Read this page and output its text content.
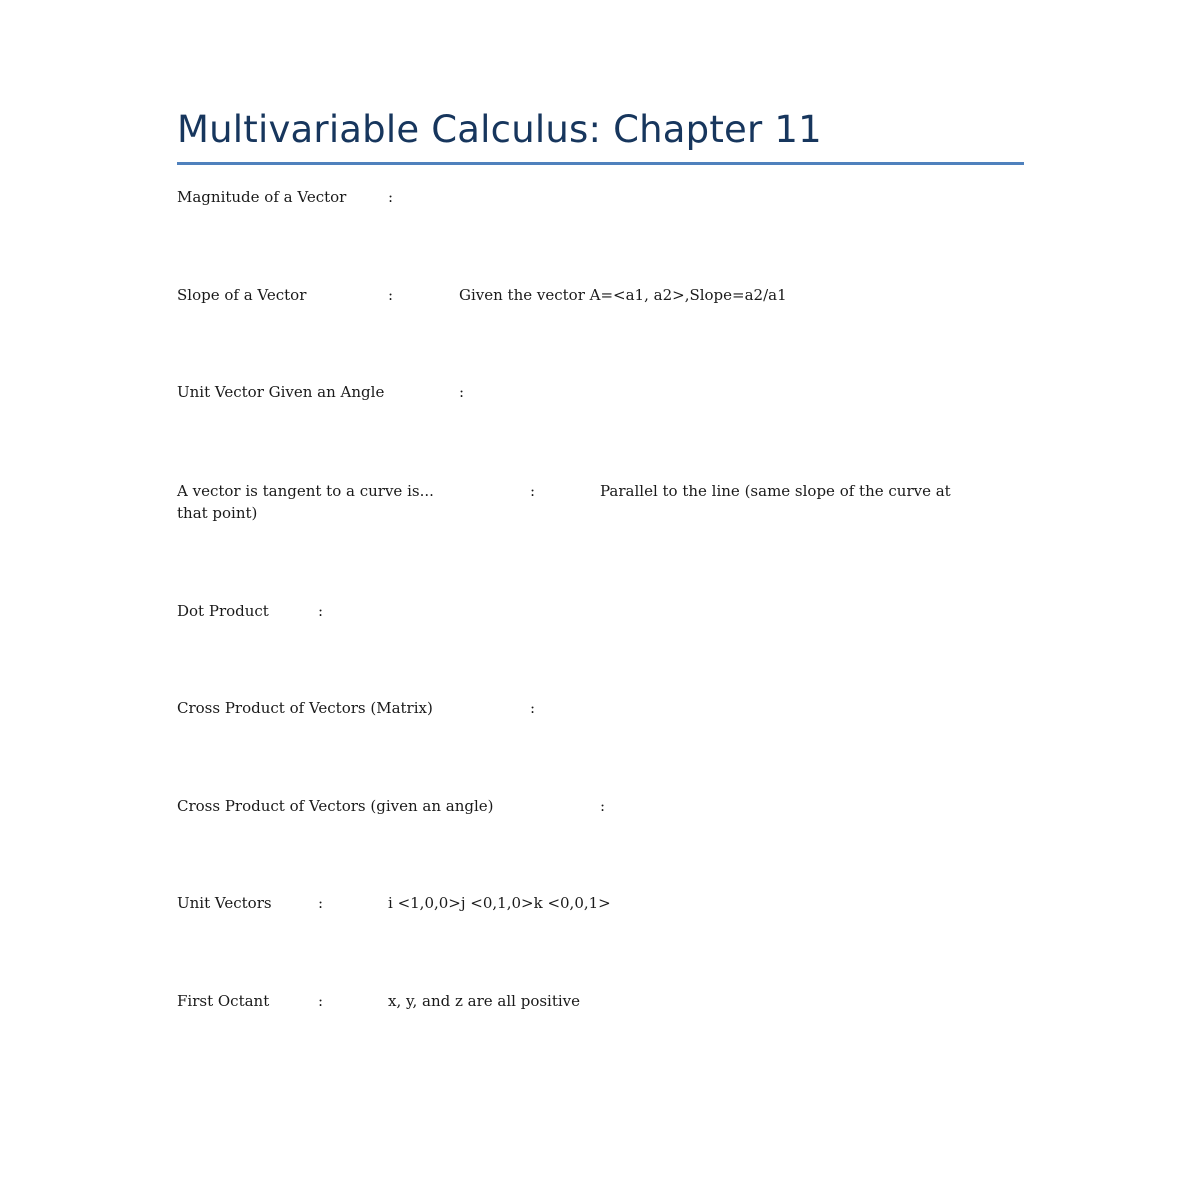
Multivariable Calculus: Chapter 11
Magnitude of a Vector	:
Slope of a Vector	:	Given the vector A=<a1, a2>,Slope=a2/a1
Unit Vector Given an Angle	:
A vector is tangent to a curve is...	:	Parallel to the line (same slope of the curve at
that point)
Dot Product	:
Cross Product of Vectors (Matrix)	:
Cross Product of Vectors (given an angle)	:
Unit Vectors	:	i <1,0,0>j <0,1,0>k <0,0,1>
First Octant	:	x, y, and z are all positive
